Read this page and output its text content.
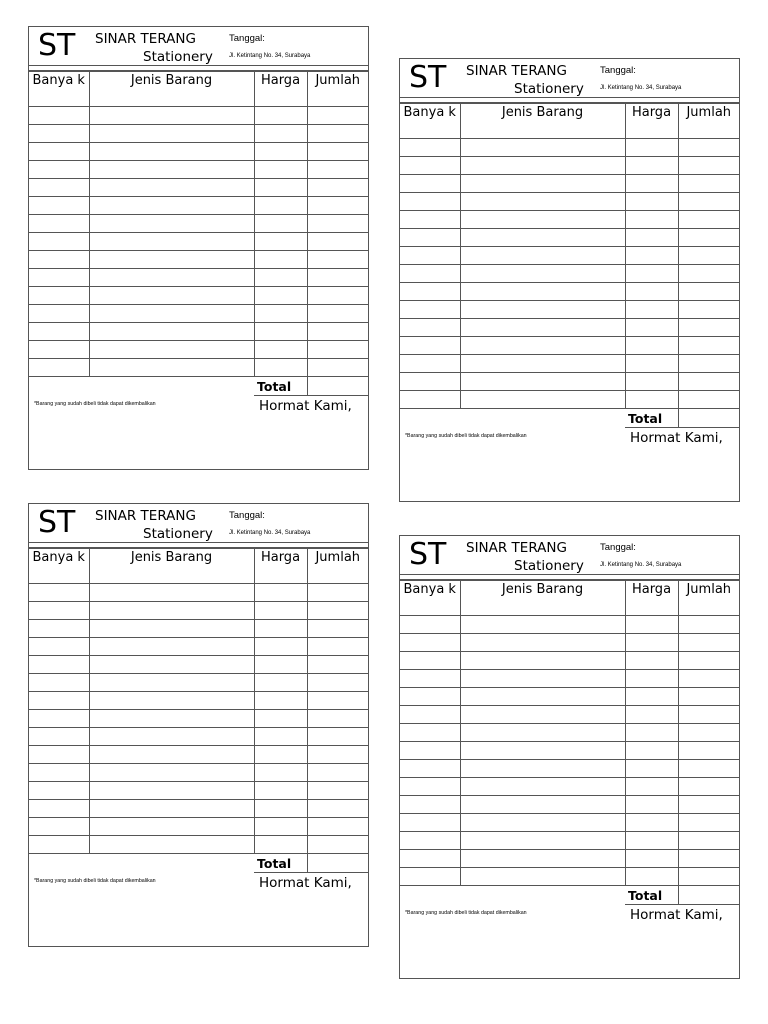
ST SINAR TERANG
Stationery
Tanggal:
Jl. Ketintang No. 34, Surabaya
Banya k	Jenis Barang	Harga	Jumlah

		Total	
*Barang yang sudah dibeli tidak dapat dikembalikan	Hormat Kami,
ST SINAR TERANG
Stationery
Tanggal:
Jl. Ketintang No. 34, Surabaya
Banya k	Jenis Barang	Harga	Jumlah

		Total	
*Barang yang sudah dibeli tidak dapat dikembalikan	Hormat Kami,
ST SINAR TERANG
Stationery
Tanggal:
Jl. Ketintang No. 34, Surabaya
Banya k	Jenis Barang	Harga	Jumlah

		Total	
*Barang yang sudah dibeli tidak dapat dikembalikan	Hormat Kami,
ST SINAR TERANG
Stationery
Tanggal:
Jl. Ketintang No. 34, Surabaya
Banya k	Jenis Barang	Harga	Jumlah

		Total	
*Barang yang sudah dibeli tidak dapat dikembalikan	Hormat Kami,
